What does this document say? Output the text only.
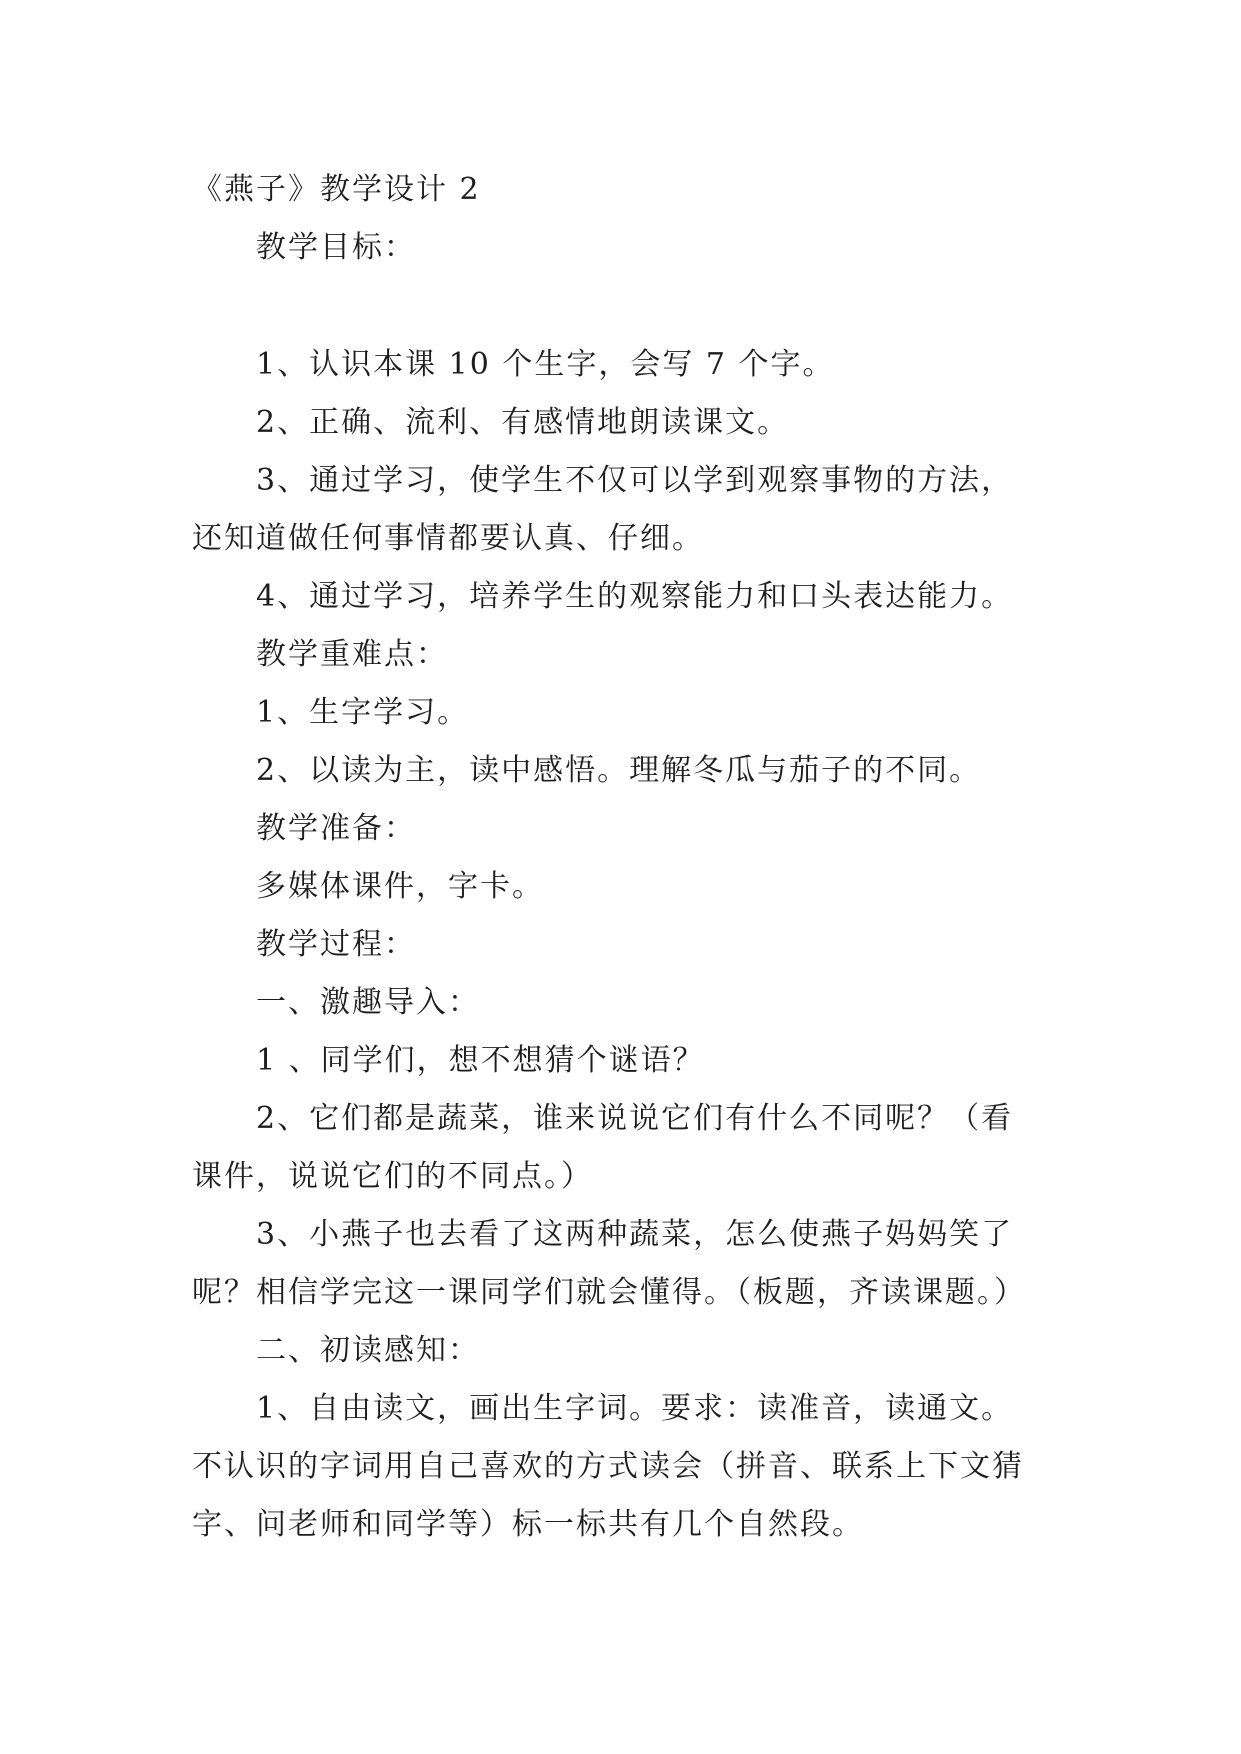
《燕子》教学设计 2
教学目标：
1、认识本课 10 个生字，会写 7 个字。
2、正确、流利、有感情地朗读课文。
3、通过学习，使学生不仅可以学到观察事物的方法，
还知道做任何事情都要认真、仔细。
4、通过学习，培养学生的观察能力和口头表达能力。
教学重难点：
1、生字学习。
2、以读为主，读中感悟。理解冬瓜与茄子的不同。
教学准备：
多媒体课件，字卡。
教学过程：
一、激趣导入：
1 、同学们，想不想猜个谜语？
2、它们都是蔬菜，谁来说说它们有什么不同呢？（看
课件，说说它们的不同点。）
3、小燕子也去看了这两种蔬菜，怎么使燕子妈妈笑了
呢？相信学完这一课同学们就会懂得。（板题，齐读课题。）
二、初读感知：
1、自由读文，画出生字词。要求：读准音，读通文。
不认识的字词用自己喜欢的方式读会（拼音、联系上下文猜
字、问老师和同学等）标一标共有几个自然段。
